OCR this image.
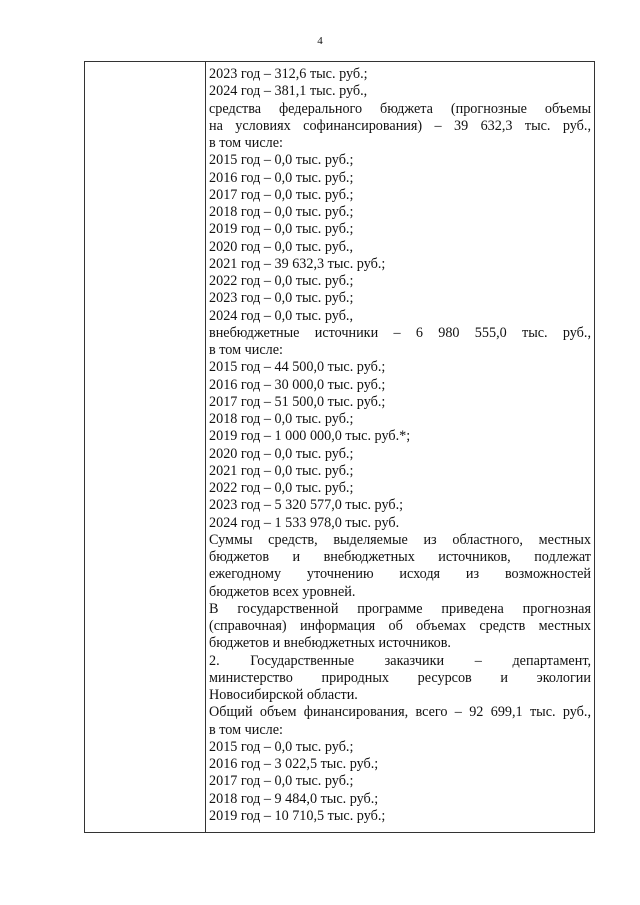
4
2023 год – 312,6 тыс. руб.;
2024 год – 381,1 тыс. руб.,
средства федерального бюджета (прогнозные объемы
на условиях софинансирования) – 39 632,3 тыс. руб.,
в том числе:
2015 год – 0,0 тыс. руб.;
2016 год – 0,0 тыс. руб.;
2017 год – 0,0 тыс. руб.;
2018 год – 0,0 тыс. руб.;
2019 год – 0,0 тыс. руб.;
2020 год – 0,0 тыс. руб.,
2021 год – 39 632,3 тыс. руб.;
2022 год – 0,0 тыс. руб.;
2023 год – 0,0 тыс. руб.;
2024 год – 0,0 тыс. руб.,
внебюджетные источники – 6 980 555,0 тыс. руб.,
в том числе:
2015 год – 44 500,0 тыс. руб.;
2016 год – 30 000,0 тыс. руб.;
2017 год – 51 500,0 тыс. руб.;
2018 год – 0,0 тыс. руб.;
2019 год – 1 000 000,0 тыс. руб.*;
2020 год – 0,0 тыс. руб.;
2021 год – 0,0 тыс. руб.;
2022 год – 0,0 тыс. руб.;
2023 год – 5 320 577,0 тыс. руб.;
2024 год – 1 533 978,0 тыс. руб.
Суммы средств, выделяемые из областного, местных
бюджетов и внебюджетных источников, подлежат
ежегодному уточнению исходя из возможностей
бюджетов всех уровней.
В государственной программе приведена прогнозная
(справочная) информация об объемах средств местных
бюджетов и внебюджетных источников.
2. Государственные заказчики – департамент,
министерство природных ресурсов и экологии
Новосибирской области.
Общий объем финансирования, всего – 92 699,1 тыс. руб.,
в том числе:
2015 год – 0,0 тыс. руб.;
2016 год – 3 022,5 тыс. руб.;
2017 год – 0,0 тыс. руб.;
2018 год – 9 484,0 тыс. руб.;
2019 год – 10 710,5 тыс. руб.;
